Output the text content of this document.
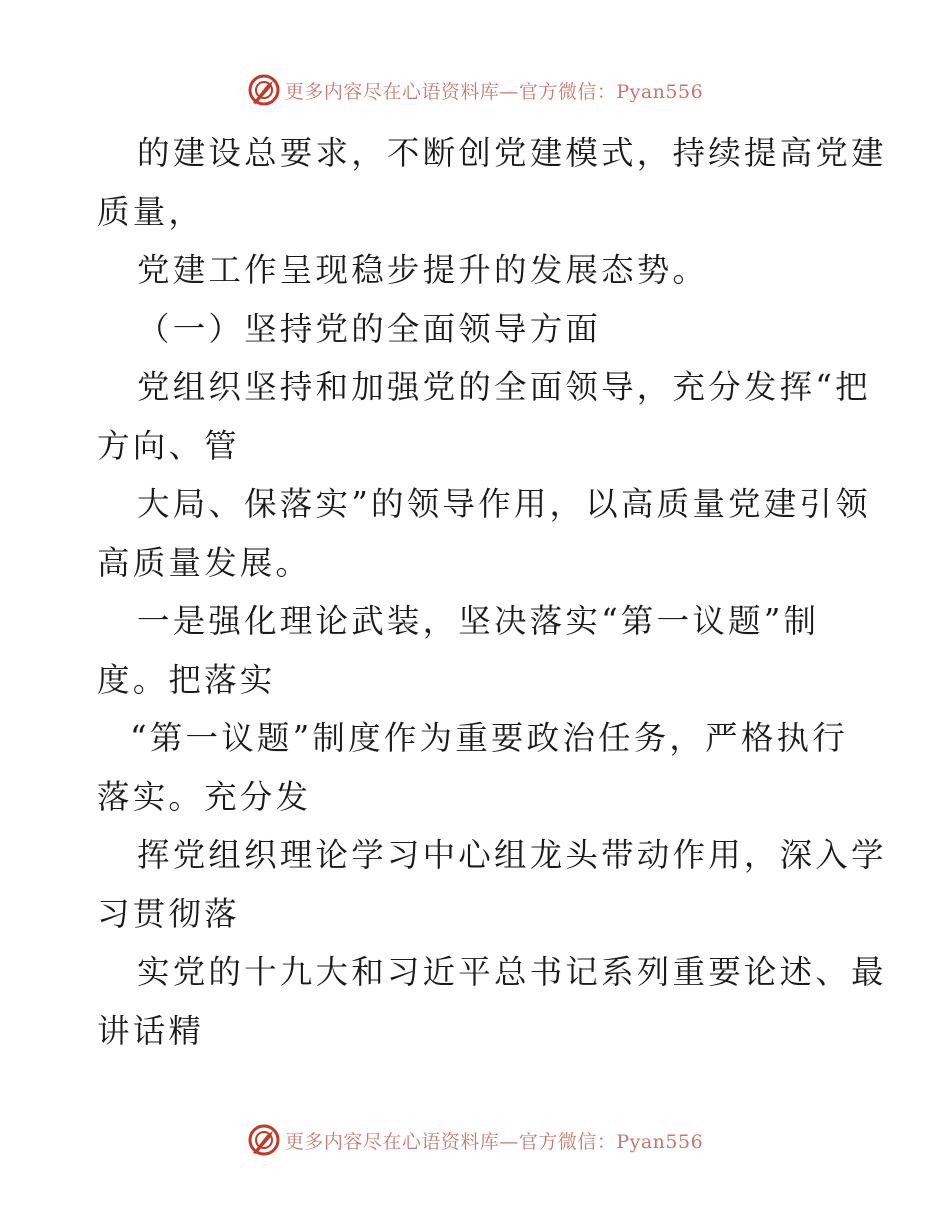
更多内容尽在心语资料库—官方微信：Pyan556

的建设总要求，不断创党建模式，持续提高党建

质量，

党建工作呈现稳步提升的发展态势。

（一）坚持党的全面领导方面

党组织坚持和加强党的全面领导，充分发挥“把

方向、管

大局、保落实”的领导作用，以高质量党建引领

高质量发展。

一是强化理论武装，坚决落实“第一议题”制

度。把落实

“第一议题”制度作为重要政治任务，严格执行

落实。充分发

挥党组织理论学习中心组龙头带动作用，深入学

习贯彻落

实党的十九大和习近平总书记系列重要论述、最

讲话精

更多内容尽在心语资料库—官方微信：Pyan556
